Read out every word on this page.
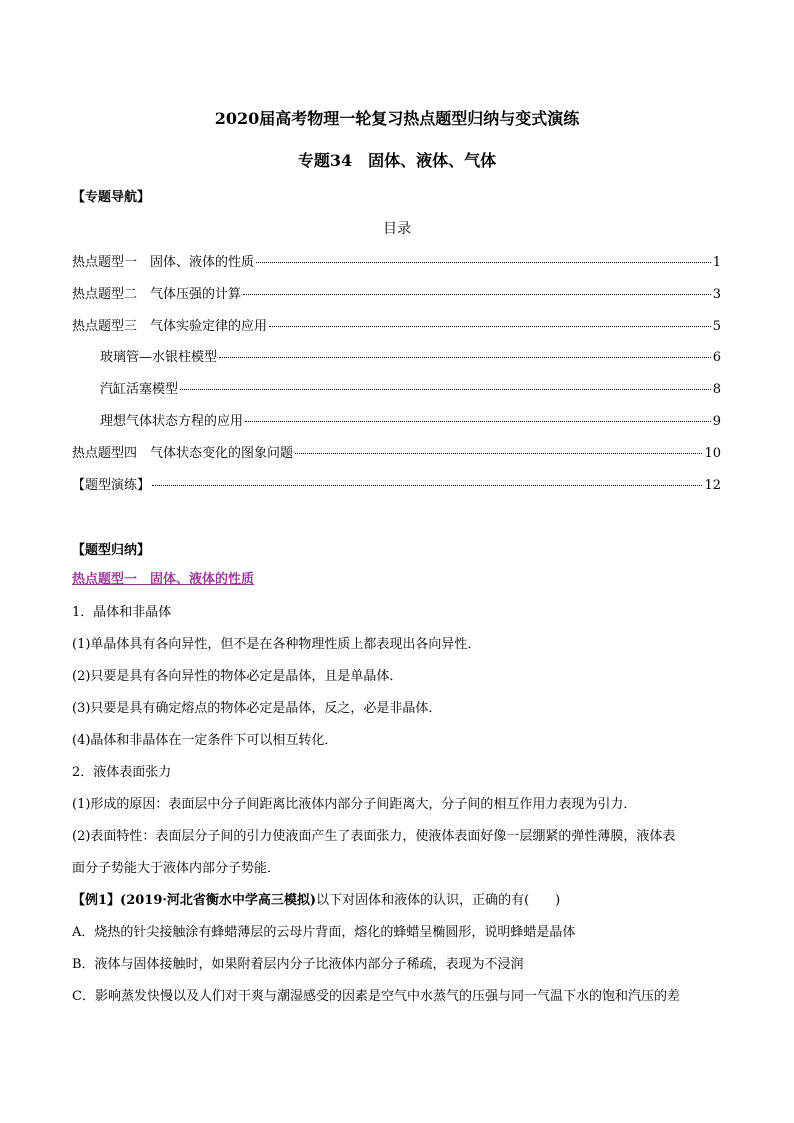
2020届高考物理一轮复习热点题型归纳与变式演练
专题34　固体、液体、气体
【专题导航】
目录
热点题型一　固体、液体的性质	1
热点题型二　气体压强的计算	3
热点题型三　气体实验定律的应用	5
玻璃管—水银柱模型	6
汽缸活塞模型	8
理想气体状态方程的应用	9
热点题型四　气体状态变化的图象问题	10
【题型演练】	12
【题型归纳】
热点题型一　固体、液体的性质
1．晶体和非晶体
(1)单晶体具有各向异性，但不是在各种物理性质上都表现出各向异性．
(2)只要是具有各向异性的物体必定是晶体，且是单晶体．
(3)只要是具有确定熔点的物体必定是晶体，反之，必是非晶体．
(4)晶体和非晶体在一定条件下可以相互转化．
2．液体表面张力
(1)形成的原因：表面层中分子间距离比液体内部分子间距离大，分子间的相互作用力表现为引力．
(2)表面特性：表面层分子间的引力使液面产生了表面张力，使液体表面好像一层绷紧的弹性薄膜，液体表
面分子势能大于液体内部分子势能．
【例1】(2019·河北省衡水中学高三模拟)以下对固体和液体的认识，正确的有(　　)
A．烧热的针尖接触涂有蜂蜡薄层的云母片背面，熔化的蜂蜡呈椭圆形，说明蜂蜡是晶体
B．液体与固体接触时，如果附着层内分子比液体内部分子稀疏，表现为不浸润
C．影响蒸发快慢以及人们对干爽与潮湿感受的因素是空气中水蒸气的压强与同一气温下水的饱和汽压的差
